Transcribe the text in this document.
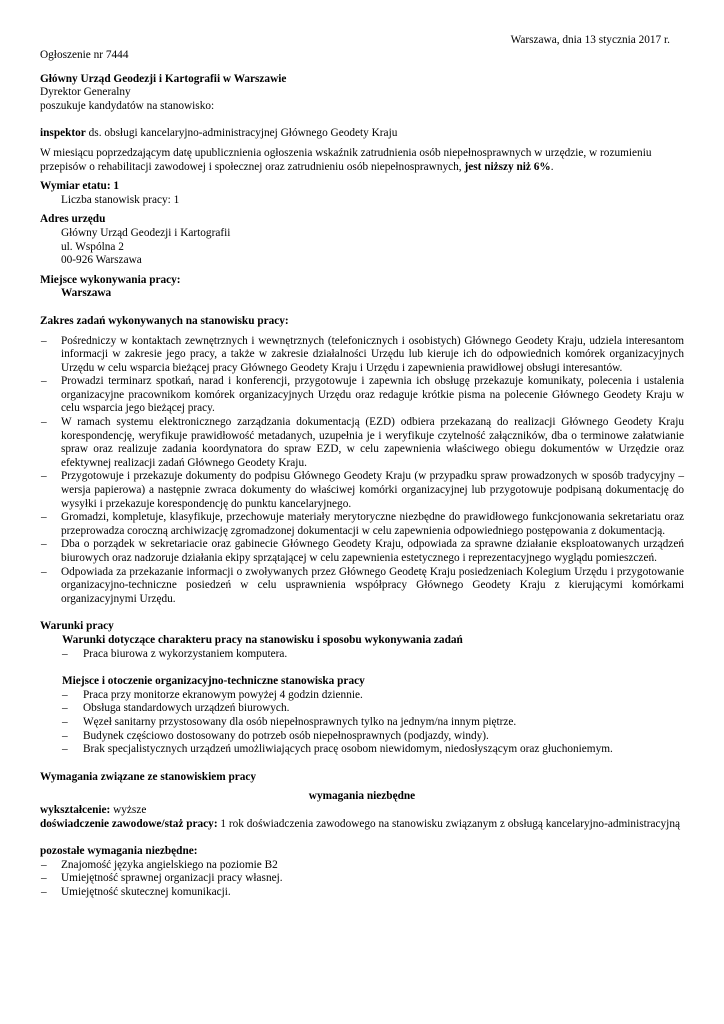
Warszawa, dnia 13 stycznia 2017 r.

Ogłoszenie nr 7444

Główny Urząd Geodezji i Kartografii w Warszawie

Dyrektor Generalny

poszukuje kandydatów na stanowisko:

inspektor ds. obsługi kancelaryjno-administracyjnej Głównego Geodety Kraju

W miesiącu poprzedzającym datę upublicznienia ogłoszenia wskaźnik zatrudnienia osób niepełnosprawnych w urzędzie, w rozumieniu przepisów o rehabilitacji zawodowej i społecznej oraz zatrudnieniu osób niepełnosprawnych, jest niższy niż 6%.

Wymiar etatu: 1

Liczba stanowisk pracy: 1

Adres urzędu

Główny Urząd Geodezji i Kartografii

ul. Wspólna 2

00-926 Warszawa

Miejsce wykonywania pracy:

Warszawa

Zakres zadań wykonywanych na stanowisku pracy:

– Pośredniczy w kontaktach zewnętrznych i wewnętrznych (telefonicznych i osobistych) Głównego Geodety Kraju, udziela interesantom informacji w zakresie jego pracy, a także w zakresie działalności Urzędu lub kieruje ich do odpowiednich komórek organizacyjnych Urzędu w celu wsparcia bieżącej pracy Głównego Geodety Kraju i Urzędu i zapewnienia prawidłowej obsługi interesantów.
– Prowadzi terminarz spotkań, narad i konferencji, przygotowuje i zapewnia ich obsługę przekazuje komunikaty, polecenia i ustalenia organizacyjne pracownikom komórek organizacyjnych Urzędu oraz redaguje krótkie pisma na polecenie Głównego Geodety Kraju w celu wsparcia jego bieżącej pracy.
– W ramach systemu elektronicznego zarządzania dokumentacją (EZD) odbiera przekazaną do realizacji Głównego Geodety Kraju korespondencję, weryfikuje prawidłowość metadanych, uzupełnia je i weryfikuje czytelność załączników, dba o terminowe załatwianie spraw oraz realizuje zadania koordynatora do spraw EZD, w celu zapewnienia właściwego obiegu dokumentów w Urzędzie oraz efektywnej realizacji zadań Głównego Geodety Kraju.
– Przygotowuje i przekazuje dokumenty do podpisu Głównego Geodety Kraju (w przypadku spraw prowadzonych w sposób tradycyjny – wersja papierowa) a następnie zwraca dokumenty do właściwej komórki organizacyjnej lub przygotowuje podpisaną dokumentację do wysyłki i przekazuje korespondencję do punktu kancelaryjnego.
– Gromadzi, kompletuje, klasyfikuje, przechowuje materiały merytoryczne niezbędne do prawidłowego funkcjonowania sekretariatu oraz przeprowadza coroczną archiwizację zgromadzonej dokumentacji w celu zapewnienia odpowiedniego postępowania z dokumentacją.
– Dba o porządek w sekretariacie oraz gabinecie Głównego Geodety Kraju, odpowiada za sprawne działanie eksploatowanych urządzeń biurowych oraz nadzoruje działania ekipy sprzątającej w celu zapewnienia estetycznego i reprezentacyjnego wyglądu pomieszczeń.
– Odpowiada za przekazanie informacji o zwoływanych przez Głównego Geodetę Kraju posiedzeniach Kolegium Urzędu i przygotowanie organizacyjno-techniczne posiedzeń w celu usprawnienia współpracy Głównego Geodety Kraju z kierującymi komórkami organizacyjnymi Urzędu.

Warunki pracy

Warunki dotyczące charakteru pracy na stanowisku i sposobu wykonywania zadań

– Praca biurowa z wykorzystaniem komputera.

Miejsce i otoczenie organizacyjno-techniczne stanowiska pracy

– Praca przy monitorze ekranowym powyżej 4 godzin dziennie.
– Obsługa standardowych urządzeń biurowych.
– Węzeł sanitarny przystosowany dla osób niepełnosprawnych tylko na jednym/na innym piętrze.
– Budynek częściowo dostosowany do potrzeb osób niepełnosprawnych (podjazdy, windy).
– Brak specjalistycznych urządzeń umożliwiających pracę osobom niewidomym, niedosłyszącym oraz głuchoniemym.

Wymagania związane ze stanowiskiem pracy

wymagania niezbędne

wykształcenie: wyższe

doświadczenie zawodowe/staż pracy: 1 rok doświadczenia zawodowego na stanowisku związanym z obsługą kancelaryjno-administracyjną

pozostałe wymagania niezbędne:

– Znajomość języka angielskiego na poziomie B2
– Umiejętność sprawnej organizacji pracy własnej.
– Umiejętność skutecznej komunikacji.
